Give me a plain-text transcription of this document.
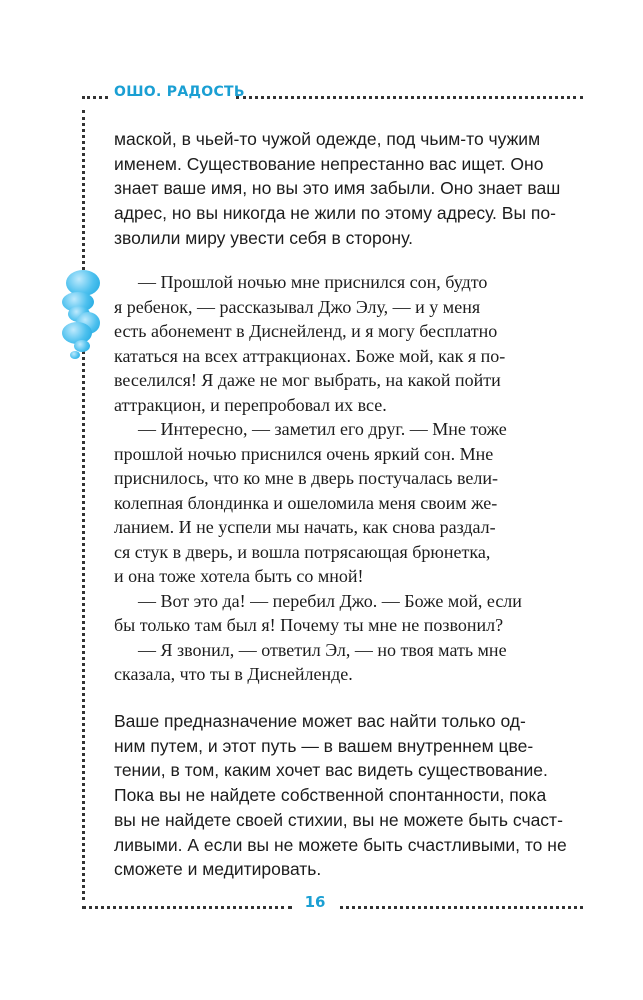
ОШО. РАДОСТЬ
маской, в чьей-то чужой одежде, под чьим-то чужим
именем. Существование непрестанно вас ищет. Оно
знает ваше имя, но вы это имя забыли. Оно знает ваш
адрес, но вы никогда не жили по этому адресу. Вы по-
зволили миру увести себя в сторону.
— Прошлой ночью мне приснился сон, будто
я ребенок, — рассказывал Джо Элу, — и у меня
есть абонемент в Диснейленд, и я могу бесплатно
кататься на всех аттракционах. Боже мой, как я по-
веселился! Я даже не мог выбрать, на какой пойти
аттракцион, и перепробовал их все.
— Интересно, — заметил его друг. — Мне тоже
прошлой ночью приснился очень яркий сон. Мне
приснилось, что ко мне в дверь постучалась вели-
колепная блондинка и ошеломила меня своим же-
ланием. И не успели мы начать, как снова раздал-
ся стук в дверь, и вошла потрясающая брюнетка,
и она тоже хотела быть со мной!
— Вот это да! — перебил Джо. — Боже мой, если
бы только там был я! Почему ты мне не позвонил?
— Я звонил, — ответил Эл, — но твоя мать мне
сказала, что ты в Диснейленде.
Ваше предназначение может вас найти только од-
ним путем, и этот путь — в вашем внутреннем цве-
тении, в том, каким хочет вас видеть существование.
Пока вы не найдете собственной спонтанности, пока
вы не найдете своей стихии, вы не можете быть счаст-
ливыми. А если вы не можете быть счастливыми, то не
сможете и медитировать.
16
